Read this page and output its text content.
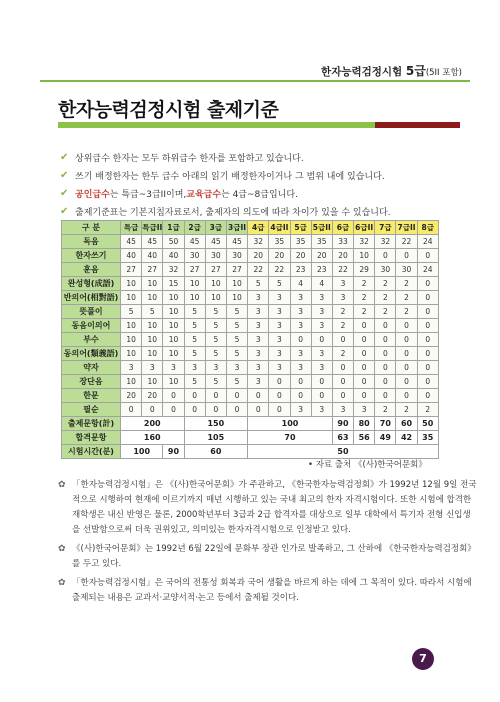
한자능력검정시험 5급(5II 포함)
한자능력검정시험 출제기준
✔ 상위급수 한자는 모두 하위급수 한자를 포함하고 있습니다.
✔ 쓰기 배정한자는 한두 급수 아래의 읽기 배정한자이거나 그 범위 내에 있습니다.
✔ 공인급수 는 특급~3급II이며, 교육급수 는 4급~8급입니다.
✔ 출제기준표는 기본지침자료로서, 출제자의 의도에 따라 차이가 있을 수 있습니다.
구 분	특급	특급II	1급	2급	3급	3급II	4급	4급II	5급	5급II	6급	6급II	7급	7급II	8급
독음	45	45	50	45	45	45	32	35	35	35	33	32	32	22	24
한자쓰기	40	40	40	30	30	30	20	20	20	20	20	10	0	0	0
훈음	27	27	32	27	27	27	22	22	23	23	22	29	30	30	24
완성형(成語)	10	10	15	10	10	10	5	5	4	4	3	2	2	2	0
반의어(相對語)	10	10	10	10	10	10	3	3	3	3	3	2	2	2	0
뜻풀이	5	5	10	5	5	5	3	3	3	3	2	2	2	2	0
동음이의어	10	10	10	5	5	5	3	3	3	3	2	0	0	0	0
부수	10	10	10	5	5	5	3	3	0	0	0	0	0	0	0
동의어(類義語)	10	10	10	5	5	5	3	3	3	3	2	0	0	0	0
약자	3	3	3	3	3	3	3	3	3	3	0	0	0	0	0
장단음	10	10	10	5	5	5	3	0	0	0	0	0	0	0	0
한문	20	20	0	0	0	0	0	0	0	0	0	0	0	0	0
필순	0	0	0	0	0	0	0	0	3	3	3	3	2	2	2
출제문항(計)	200			150			100				90	80	70	60	50
합격문항	160			105			70				63	56	49	42	35
시험시간(분)	100		90	60			50								
• 자료 출처 《(사)한국어문회》
✿ 「한자능력검정시험」은 《(사)한국어문회》가 주관하고, 《한국한자능력검정회》가 1992년 12월 9일 전국적으로 시행하여 현재에 이르기까지 매년 시행하고 있는 국내 최고의 한자 자격시험이다. 또한 시험에 합격한 재학생은 내신 반영은 물론, 2000학년부터 3급과 2급 합격자를 대상으로 일부 대학에서 특기자 전형 신입생을 선발함으로써 더욱 권위있고, 의미있는 한자자격시험으로 인정받고 있다.
✿ 《(사)한국어문회》는 1992년 6월 22일에 문화부 장관 인가로 발족하고, 그 산하에 《한국한자능력검정회》를 두고 있다.
✿ 「한자능력검정시험」은 국어의 전통성 회복과 국어 생활을 바르게 하는 데에 그 목적이 있다. 따라서 시험에 출제되는 내용은 교과서·교양서적·논고 등에서 출제될 것이다.
7
